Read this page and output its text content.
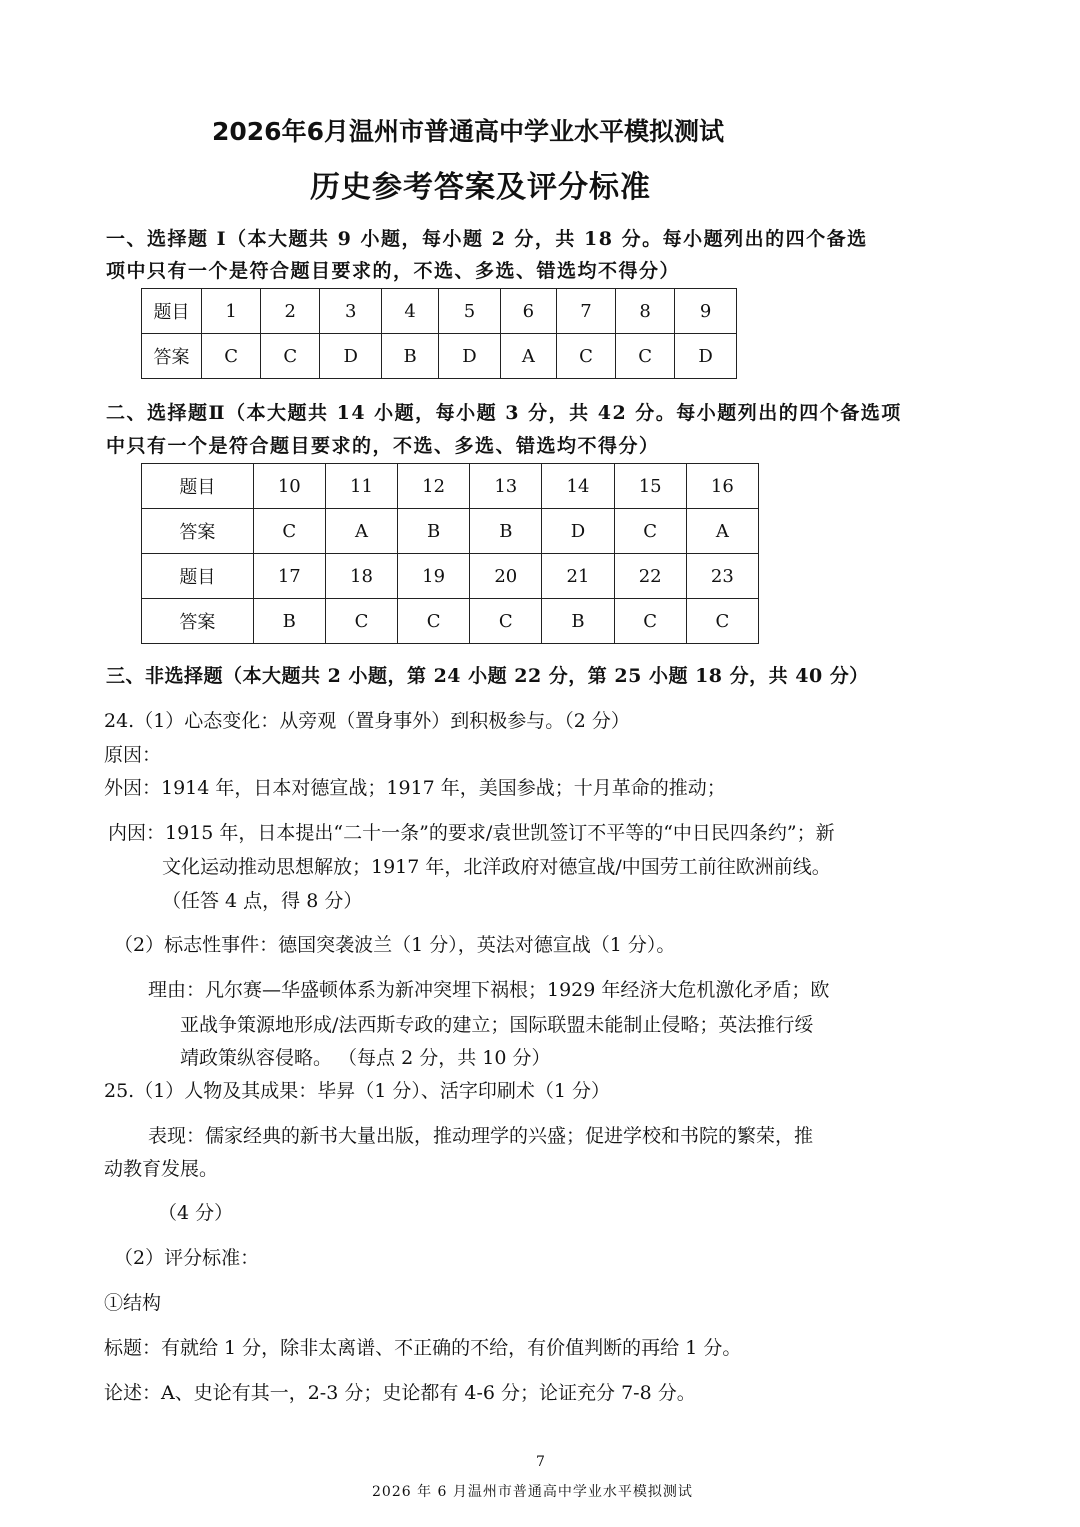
2026年6月温州市普通高中学业水平模拟测试
历史参考答案及评分标准
一、选择题 Ⅰ（本大题共 9 小题，每小题 2 分，共 18 分。每小题列出的四个备选
项中只有一个是符合题目要求的，不选、多选、错选均不得分）
题目	1	2	3	4	5	6	7	8	9
答案	C	C	D	B	D	A	C	C	D
二、选择题Ⅱ（本大题共 14 小题，每小题 3 分，共 42 分。每小题列出的四个备选项
中只有一个是符合题目要求的，不选、多选、错选均不得分）
题目	10	11	12	13	14	15	16
答案	C	A	B	B	D	C	A
题目	17	18	19	20	21	22	23
答案	B	C	C	C	B	C	C
三、非选择题（本大题共 2 小题，第 24 小题 22 分，第 25 小题 18 分，共 40 分）
24.（1）心态变化：从旁观（置身事外）到积极参与。（2 分）
原因：
外因：1914 年，日本对德宣战；1917 年，美国参战；十月革命的推动；
内因：1915 年，日本提出“二十一条”的要求/袁世凯签订不平等的“中日民四条约”；新
文化运动推动思想解放；1917 年，北洋政府对德宣战/中国劳工前往欧洲前线。
（任答 4 点，得 8 分）
（2）标志性事件：德国突袭波兰（1 分），英法对德宣战（1 分）。
理由：凡尔赛—华盛顿体系为新冲突埋下祸根；1929 年经济大危机激化矛盾；欧
亚战争策源地形成/法西斯专政的建立；国际联盟未能制止侵略；英法推行绥
靖政策纵容侵略。 （每点 2 分，共 10 分）
25.（1）人物及其成果：毕昇（1 分）、活字印刷术（1 分）
表现：儒家经典的新书大量出版，推动理学的兴盛；促进学校和书院的繁荣，推
动教育发展。
（4 分）
（2）评分标准：
①结构
标题：有就给 1 分，除非太离谱、不正确的不给，有价值判断的再给 1 分。
论述：A、史论有其一，2-3 分；史论都有 4-6 分；论证充分 7-8 分。
7
2026 年 6 月温州市普通高中学业水平模拟测试
